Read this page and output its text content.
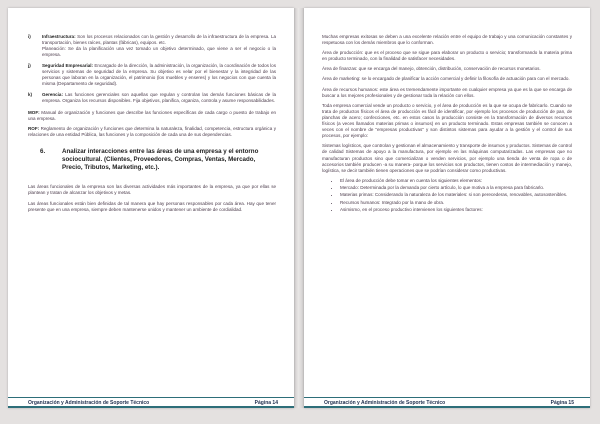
i)	Infraestructura: Son los procesos relacionados con la gestión y desarrollo de la infraestructura de la empresa. La transportación, bienes raíces, plantas (fábricas), equipos. etc.
Planeación: Se da la planificación una vez tomado un objetivo determinado, que viene a ser el negocio o la empresa.
j)	Seguridad Empresarial: Encargado de la dirección, la administración, la organización, la coordinación de todos los servicios y sistemas de seguridad de la empresa. Su objetivo es velar por el bienestar y la integridad de las personas que laboran en la organización, el patrimonio (los muebles y enseres) y los negocios con que cuenta la misma (Departamento de seguridad).
k)	Gerencia: Las funciones gerenciales son aquellas que regulan y controlan las demás funciones básicas de la empresa. Organiza los recursos disponibles. Fija objetivos, planifica, organiza, controla y asume responsabilidades.

MOF: Manual de organización y funciones que describe las funciones específicas de cada cargo o puesto de trabajo en una empresa.

ROF: Reglamento de organización y funciones que determina la naturaleza, finalidad, competencia, estructura orgánica y relaciones de una entidad Pública, las funciones y la composición de cada una de sus dependencias.

6.	Analizar interacciones entre las áreas de una empresa y el entorno sociocultural. (Clientes, Proveedores, Compras, Ventas, Mercado, Precio, Tributos, Marketing, etc.).

Las áreas funcionales de la empresa son las diversas actividades más importantes de la empresa, ya que por ellas se plantean y tratan de alcanzar los objetivos y metas.

Las áreas funcionales están bien definidas de tal manera que hay personas responsables por cada área. Hay que tener presente que en una empresa, siempre deben mantenerse unidos y mantener un ambiente de cordialidad.

Organización y Administración de Soporte Técnico	Página 14

Muchas empresas exitosas se deben a una excelente relación entre el equipo de trabajo y una comunicación constantes y respetuosa con los demás miembros que lo conforman.

Área de producción: que es el proceso que se sigue para elaborar un producto o servicio; transformando la materia prima en producto terminado, con la finalidad de satisfacer necesidades.

Área de finanzas: que se encarga del manejo, obtención, distribución, conservación de recursos monetarios.

Área de marketing: se lo encargado de planificar la acción comercial y definir la filosofía de actuación para con el mercado.

Área de recursos humanos: este área es tremendamente importante en cualquier empresa ya que es la que se encarga de buscar a los mejores profesionales y de gestionar toda la relación con ellos.

Toda empresa comercial vende un producto o servicio, y el área de producción es la que se ocupa de fabricarlo. Cuando se trata de productos físicos el área de producción es fácil de identificar, por ejemplo los procesos de producción de pan, de planchas de acero; confecciones, etc. en estos casos la producción consiste en la transformación de diversos recursos físicos (a veces llamados materias primas o insumos) en un producto terminado. Estas empresas también se conocen a veces con el nombre de "empresas productivas" y son distintos sistemas para ayudar a la gestión y el control de sus procesos, por ejemplo:

Sistemas logísticos, que controlan y gestionan el almacenamiento y transporte de insumos y productos. Sistemas de control de calidad Sistemas de apoyo a la manufactura, por ejemplo en las máquinas computarizadas. Las empresas que no manufacturan productos sino que comercializan o venden servicios, por ejemplo una tienda de venta de ropa o de accesorios también producen -a su manera- porque los servicios son productos, tienen costos de intermediación y manejo, logística, se decir también tienen operaciones que se podrían considerar como productivas.

• El área de producción debe tomar en cuenta los siguientes elementos:
• Mercado: Determinada por la demanda por cierto artículo, lo que motiva a la empresa para fabricarlo.
• Materias primas: Considerando la naturaleza de los materiales: si son perecederas, renovables, autosostenibles.
• Recursos humanos: Integrado por la mano de obra.
• Asimismo, en el proceso productivo intervienen los siguientes factores:
Organización y Administración de Soporte Técnico	Página 15
